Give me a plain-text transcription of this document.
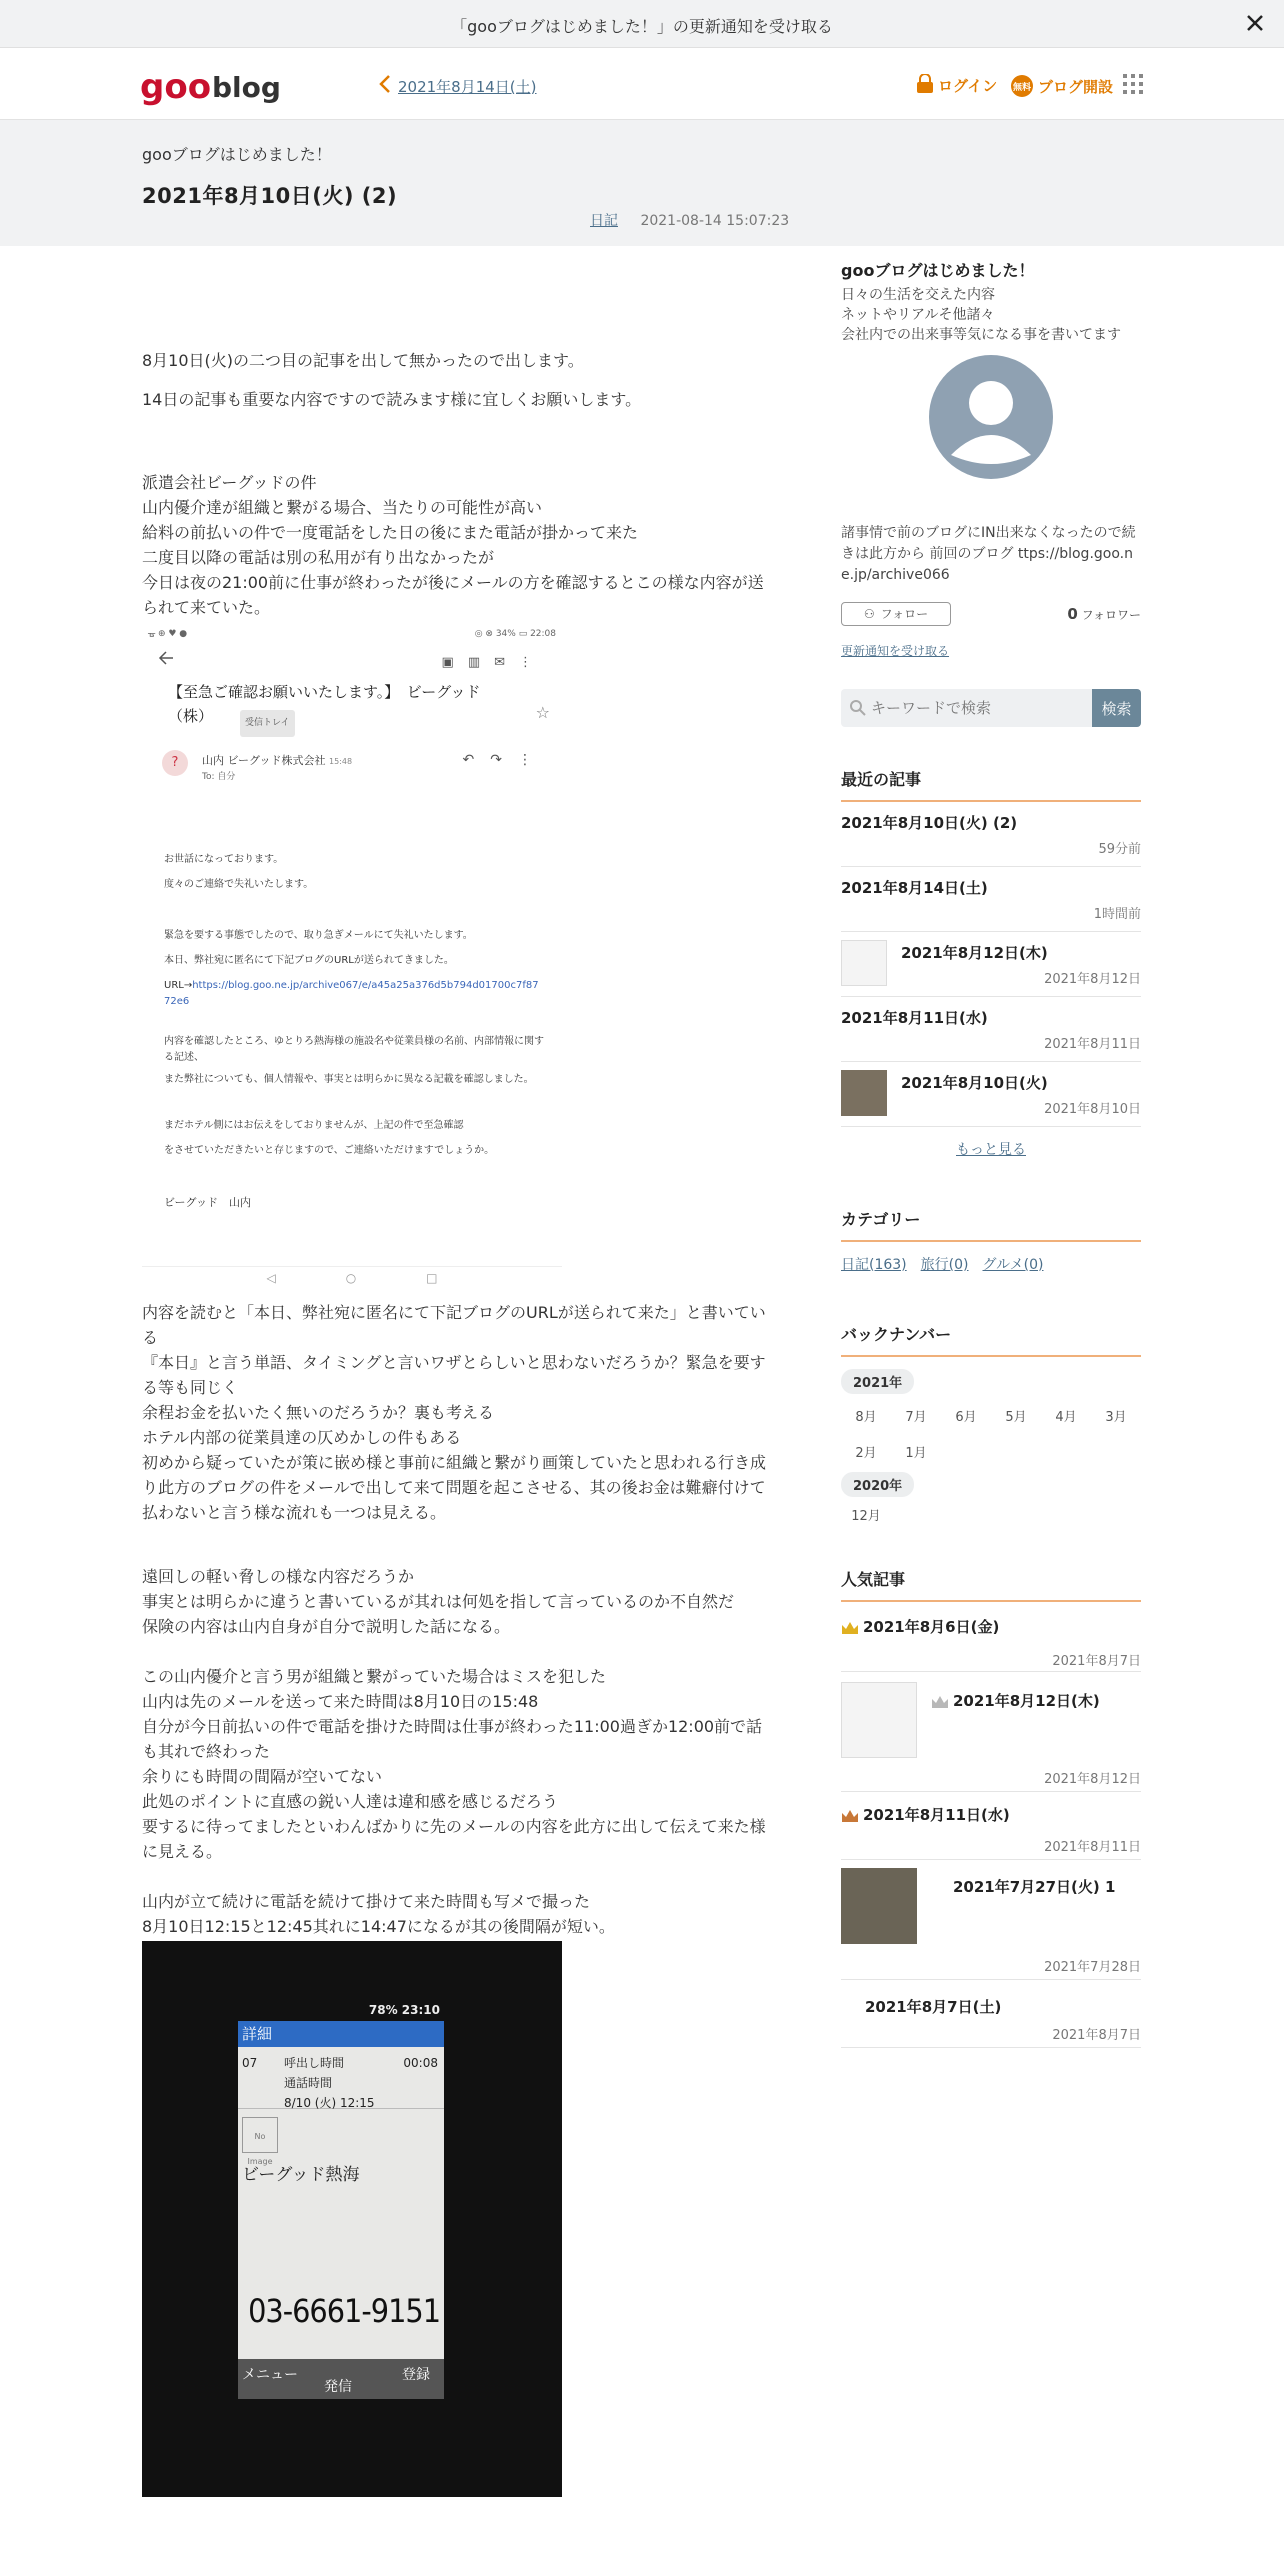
「gooブログはじめました！」の更新通知を受け取る
goo blog	2021年8月14日(土)	ログイン 無料 ブログ開設
gooブログはじめました！
2021年8月10日(火) (2)
日記 2021-08-14 15:07:23

8月10日(火)の二つ目の記事を出して無かったので出します。

14日の記事も重要な内容ですので読みます様に宜しくお願いします。

派遣会社ビーグッドの件

山内優介達が組織と繋がる場合、当たりの可能性が高い

給料の前払いの件で一度電話をした日の後にまた電話が掛かって来た

二度目以降の電話は別の私用が有り出なかったが

今日は夜の21:00前に仕事が終わったが後にメールの方を確認するとこの様な内容が送られて来ていた。

ᚗ ⊕ ♥ ●	◎ ⊗ 34% ▭ 22:08
▣▥✉⋮
【至急ご確認お願いいたします。】　ビーグッド（株）	受信トレイ
☆
?	山内 ビーグッド株式会社 15:48
To: 自分
↶↷⋮

お世話になっております。

度々のご連絡で失礼いたします。

緊急を要する事態でしたので、取り急ぎメールにて失礼いたします。

本日、弊社宛に匿名にて下記ブログのURLが送られてきました。

URL→https://blog.goo.ne.jp/archive067/e/a45a25a376d5b794d01700c7f8772e6

内容を確認したところ、ゆとりろ熱海様の施設名や従業員様の名前、内部情報に関する記述、

また弊社についても、個人情報や、事実とは明らかに異なる記載を確認しました。

まだホテル側にはお伝えをしておりませんが、上記の件で至急確認

をさせていただきたいと存じますので、ご連絡いただけますでしょうか。

ビーグッド　山内

◁○□

内容を読むと「本日、弊社宛に匿名にて下記ブログのURLが送られて来た」と書いている

『本日』と言う単語、タイミングと言いワザとらしいと思わないだろうか？緊急を要する等も同じく

余程お金を払いたく無いのだろうか？裏も考える

ホテル内部の従業員達の仄めかしの件もある

初めから疑っていたが策に嵌め様と事前に組織と繋がり画策していたと思われる行き成り此方のブログの件をメールで出して来て問題を起こさせる、其の後お金は難癖付けて払わないと言う様な流れも一つは見える。

遠回しの軽い脅しの様な内容だろうか

事実とは明らかに違うと書いているが其れは何処を指して言っているのか不自然だ

保険の内容は山内自身が自分で説明した話になる。

この山内優介と言う男が組織と繋がっていた場合はミスを犯した

山内は先のメールを送って来た時間は8月10日の15:48

自分が今日前払いの件で電話を掛けた時間は仕事が終わった11:00過ぎか12:00前で話も其れで終わった

余りにも時間の間隔が空いてない

此処のポイントに直感の鋭い人達は違和感を感じるだろう

要するに待ってましたといわんばかりに先のメールの内容を此方に出して伝えて来た様に見える。

山内が立て続けに電話を続けて掛けて来た時間も写メで撮った

8月10日12:15と12:45其れに14:47になるが其の後間隔が短い。

78% 23:10
詳細
07 呼出し時間	00:08
通話時間
8/10 (火) 12:15
No Image
ビーグッド熱海
03-6661-9151
メニュー
発信
登録
gooブログはじめました！
日々の生活を交えた内容
ネットやリアルそ他諸々
会社内での出来事等気になる事を書いてます
諸事情で前のブログにIN出来なくなったので続きは此方から 前回のブログ ttps://blog.goo.ne.jp/archive066
⚇ フォロー	0 フォロワー
更新通知を受け取る
キーワードで検索
検索
最近の記事
2021年8月10日(火) (2)
59分前
2021年8月14日(土)
1時間前
2021年8月12日(木)
2021年8月12日
2021年8月11日(水)
2021年8月11日
2021年8月10日(火)
2021年8月10日
もっと見る
カテゴリー
日記(163) 旅行(0) グルメ(0)
バックナンバー
2021年
8月 7月 6月 5月 4月 3月
2月 1月
2020年
12月
人気記事
2021年8月6日(金)
2021年8月7日
2021年8月12日(木)
2021年8月12日
2021年8月11日(水)
2021年8月11日
2021年7月27日(火) 1
2021年7月28日
2021年8月7日(土)
2021年8月7日
